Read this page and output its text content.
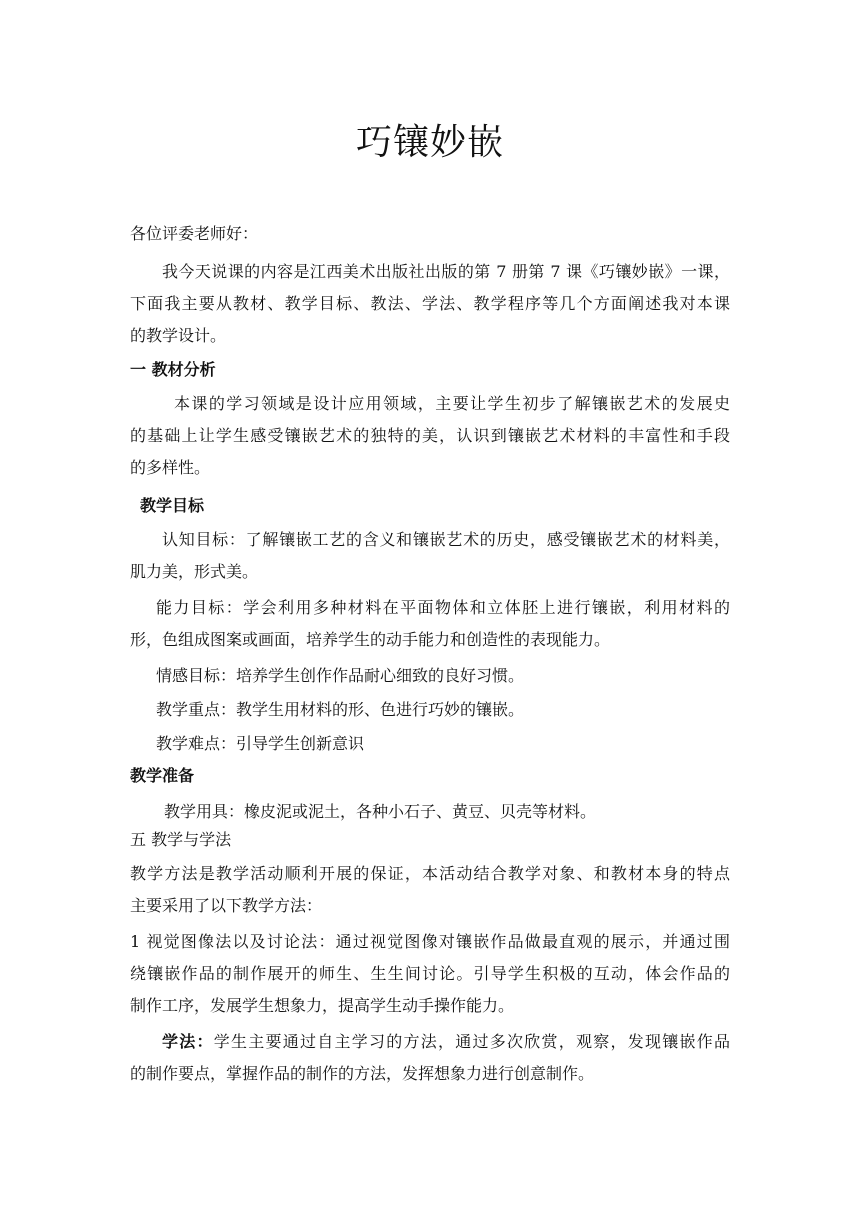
巧镶妙嵌
各位评委老师好：
我今天说课的内容是江西美术出版社出版的第 7 册第 7 课《巧镶妙嵌》一课，
下面我主要从教材、教学目标、教法、学法、教学程序等几个方面阐述我对本课
的教学设计。
一 教材分析
本课的学习领域是设计应用领域，主要让学生初步了解镶嵌艺术的发展史
的基础上让学生感受镶嵌艺术的独特的美，认识到镶嵌艺术材料的丰富性和手段
的多样性。
教学目标
认知目标：了解镶嵌工艺的含义和镶嵌艺术的历史，感受镶嵌艺术的材料美，
肌力美，形式美。
能力目标：学会利用多种材料在平面物体和立体胚上进行镶嵌，利用材料的
形，色组成图案或画面，培养学生的动手能力和创造性的表现能力。
情感目标：培养学生创作作品耐心细致的良好习惯。
教学重点：教学生用材料的形、色进行巧妙的镶嵌。
教学难点：引导学生创新意识
教学准备
教学用具：橡皮泥或泥土，各种小石子、黄豆、贝壳等材料。
五 教学与学法
教学方法是教学活动顺利开展的保证，本活动结合教学对象、和教材本身的特点
主要采用了以下教学方法：
1 视觉图像法以及讨论法：通过视觉图像对镶嵌作品做最直观的展示，并通过围
绕镶嵌作品的制作展开的师生、生生间讨论。引导学生积极的互动，体会作品的
制作工序，发展学生想象力，提高学生动手操作能力。
学法：学生主要通过自主学习的方法，通过多次欣赏，观察，发现镶嵌作品
的制作要点，掌握作品的制作的方法，发挥想象力进行创意制作。
